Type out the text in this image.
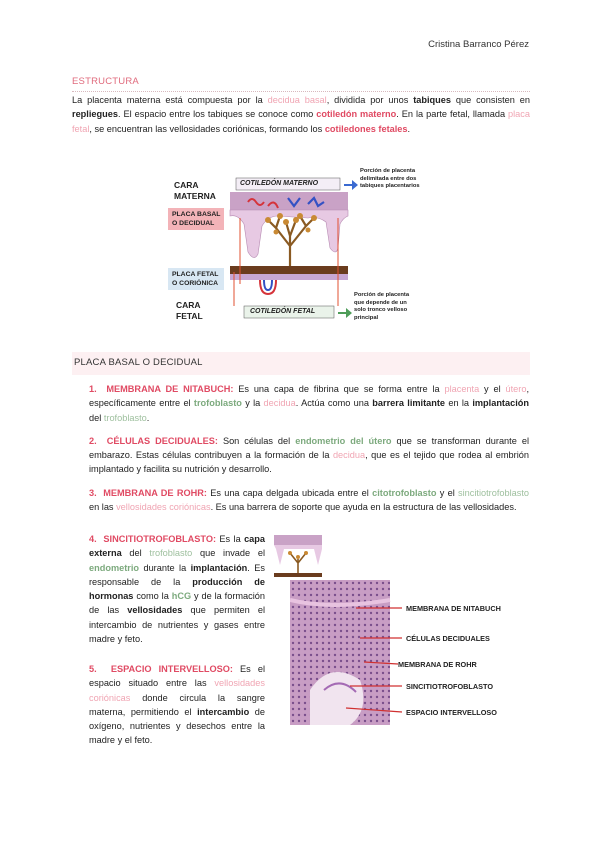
Cristina Barranco Pérez
ESTRUCTURA

La placenta materna está compuesta por la decidua basal, dividida por unos tabiques que consisten en repliegues. El espacio entre los tabiques se conoce como cotiledón materno. En la parte fetal, llamada placa fetal, se encuentran las vellosidades coriónicas, formando los cotiledones fetales.

CARA
MATERNA
PLACA BASAL
O DECIDUAL
PLACA FETAL
O CORIÓNICA
CARA
FETAL
COTILEDÓN MATERNO
COTILEDÓN FETAL
Porción de placenta
delimitada entre dos
tabiques placentarios
Porción de placenta
que depende de un
solo tronco velloso
principal
PLACA BASAL O DECIDUAL

1. MEMBRANA DE NITABUCH: Es una capa de fibrina que se forma entre la placenta y el útero, específicamente entre el trofoblasto y la decidua. Actúa como una barrera limitante en la implantación del trofoblasto.

2. CÉLULAS DECIDUALES: Son células del endometrio del útero que se transforman durante el embarazo. Estas células contribuyen a la formación de la decidua, que es el tejido que rodea al embrión implantado y facilita su nutrición y desarrollo.

3. MEMBRANA DE ROHR: Es una capa delgada ubicada entre el citotrofoblasto y el sincitiotrofoblasto en las vellosidades coriónicas. Es una barrera de soporte que ayuda en la estructura de las vellosidades.

4. SINCITIOTROFOBLASTO: Es la capa externa del trofoblasto que invade el endometrio durante la implantación. Es responsable de la producción de hormonas como la hCG y de la formación de las vellosidades que permiten el intercambio de nutrientes y gases entre madre y feto.

5. ESPACIO INTERVELLOSO: Es el espacio situado entre las vellosidades coriónicas donde circula la sangre materna, permitiendo el intercambio de oxígeno, nutrientes y desechos entre la madre y el feto.

MEMBRANA DE NITABUCH
CÉLULAS DECIDUALES
MEMBRANA DE ROHR
SINCITIOTROFOBLASTO
ESPACIO INTERVELLOSO
